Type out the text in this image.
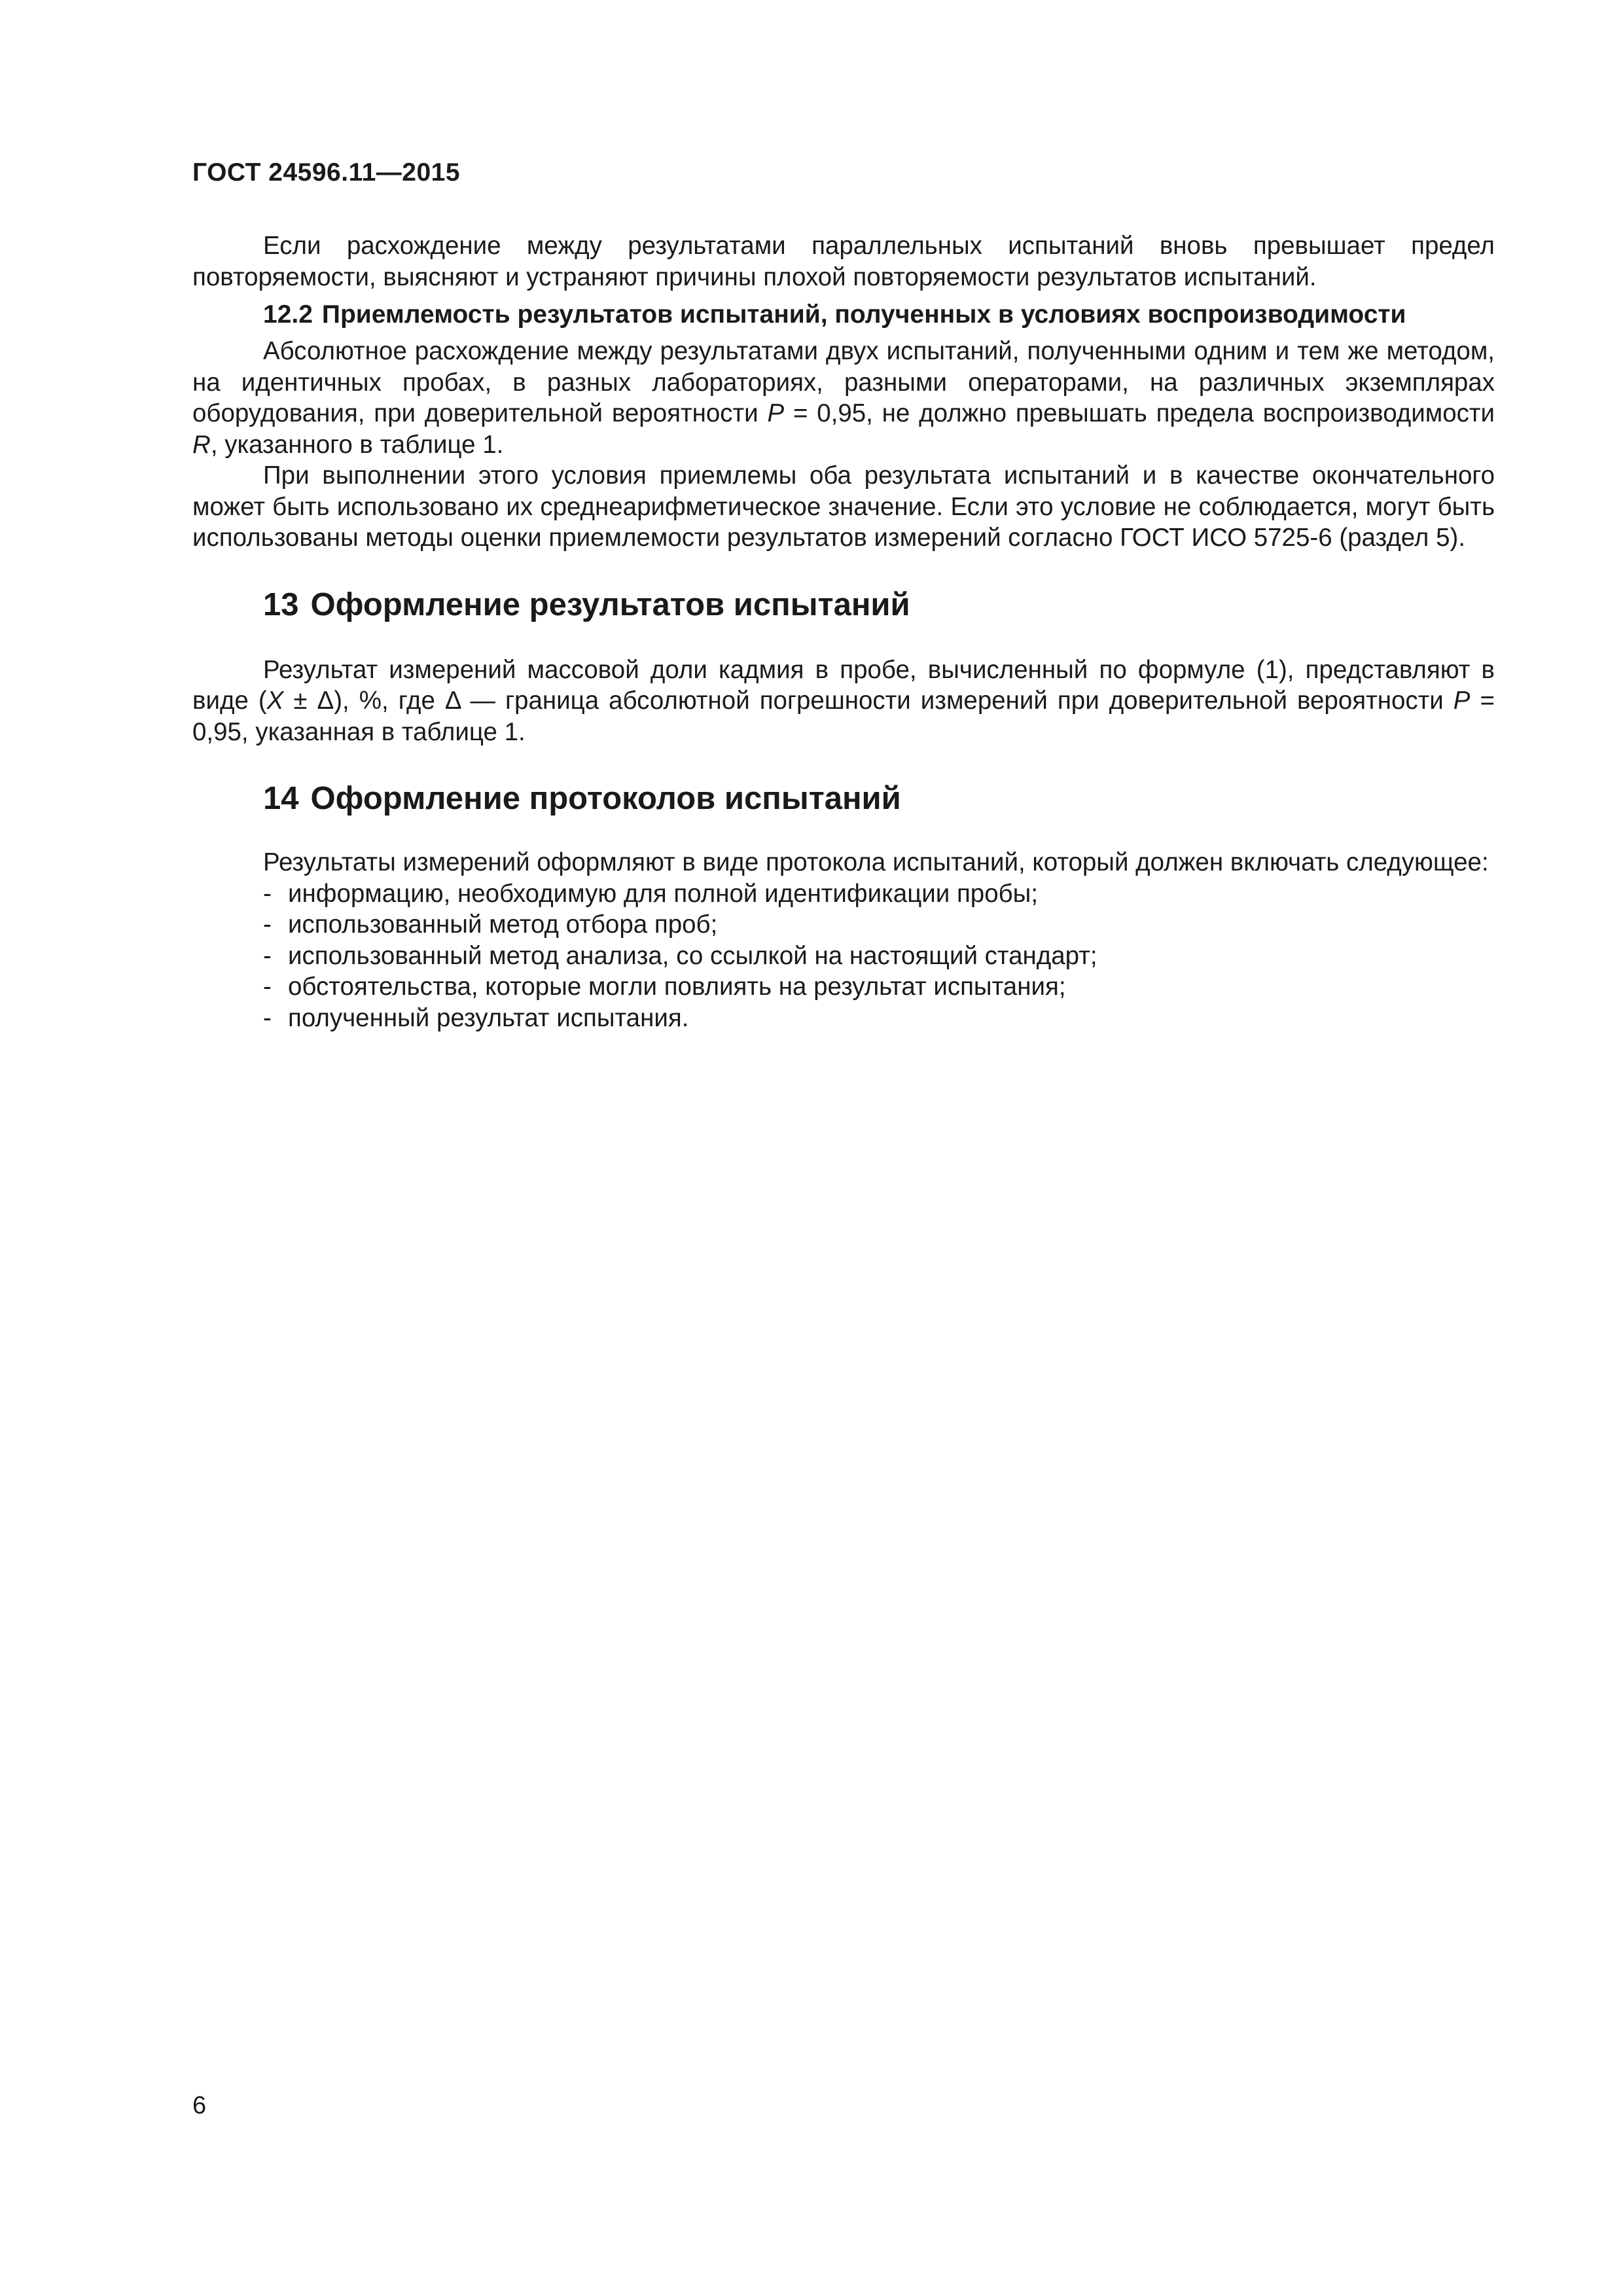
ГОСТ 24596.11—2015

Если расхождение между результатами параллельных испытаний вновь превышает предел повторяемости, выясняют и устраняют причины плохой повторяемости результатов испытаний.

12.2 Приемлемость результатов испытаний, полученных в условиях воспроизводимости

Абсолютное расхождение между результатами двух испытаний, полученными одним и тем же методом, на идентичных пробах, в разных лабораториях, разными операторами, на различных экземплярах оборудования, при доверительной вероятности P = 0,95, не должно превышать предела воспроизводимости R, указанного в таблице 1.

При выполнении этого условия приемлемы оба результата испытаний и в качестве окончательного может быть использовано их среднеарифметическое значение. Если это условие не соблюдается, могут быть использованы методы оценки приемлемости результатов измерений согласно ГОСТ ИСО 5725-6 (раздел 5).

13 Оформление результатов испытаний

Результат измерений массовой доли кадмия в пробе, вычисленный по формуле (1), представляют в виде (X ± Δ), %, где Δ — граница абсолютной погрешности измерений при доверительной вероятности P = 0,95, указанная в таблице 1.

14 Оформление протоколов испытаний

Результаты измерений оформляют в виде протокола испытаний, который должен включать следующее:

- информацию, необходимую для полной идентификации пробы;
- использованный метод отбора проб;
- использованный метод анализа, со ссылкой на настоящий стандарт;
- обстоятельства, которые могли повлиять на результат испытания;
- полученный результат испытания.

6
